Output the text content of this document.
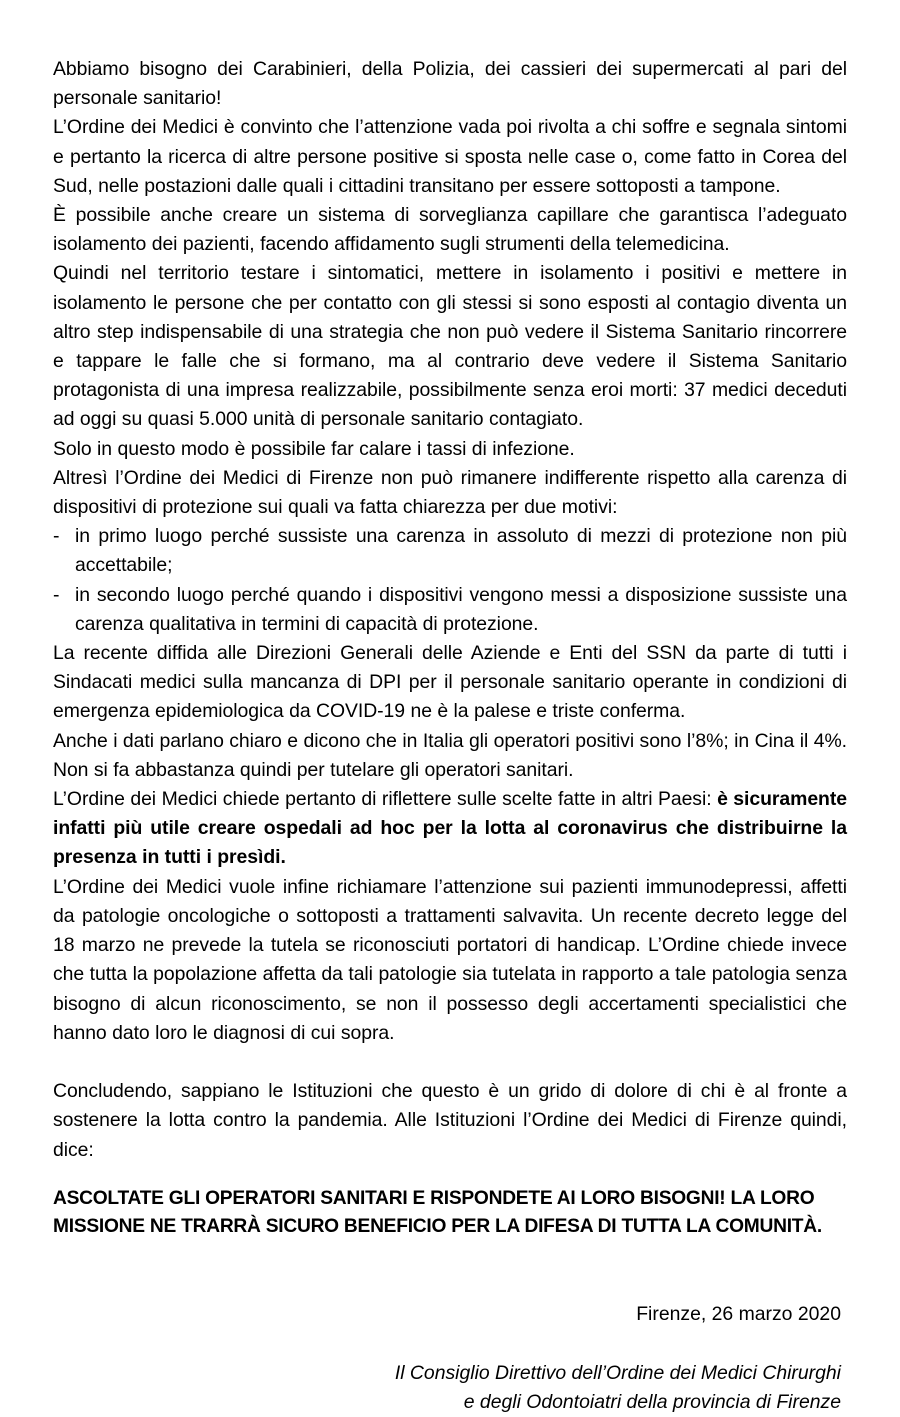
Abbiamo bisogno dei Carabinieri, della Polizia, dei cassieri dei supermercati al pari del personale sanitario!

L’Ordine dei Medici è convinto che l’attenzione vada poi rivolta a chi soffre e segnala sintomi e pertanto la ricerca di altre persone positive si sposta nelle case o, come fatto in Corea del Sud, nelle postazioni dalle quali i cittadini transitano per essere sottoposti a tampone.

È possibile anche creare un sistema di sorveglianza capillare che garantisca l’adeguato isolamento dei pazienti, facendo affidamento sugli strumenti della telemedicina.

Quindi nel territorio testare i sintomatici, mettere in isolamento i positivi e mettere in isolamento le persone che per contatto con gli stessi si sono esposti al contagio diventa un altro step indispensabile di una strategia che non può vedere il Sistema Sanitario rincorrere e tappare le falle che si formano, ma al contrario deve vedere il Sistema Sanitario protagonista di una impresa realizzabile, possibilmente senza eroi morti: 37 medici deceduti ad oggi su quasi 5.000 unità di personale sanitario contagiato.

Solo in questo modo è possibile far calare i tassi di infezione.

Altresì l’Ordine dei Medici di Firenze non può rimanere indifferente rispetto alla carenza di dispositivi di protezione sui quali va fatta chiarezza per due motivi:

- in primo luogo perché sussiste una carenza in assoluto di mezzi di protezione non più accettabile;
- in secondo luogo perché quando i dispositivi vengono messi a disposizione sussiste una carenza qualitativa in termini di capacità di protezione.

La recente diffida alle Direzioni Generali delle Aziende e Enti del SSN da parte di tutti i Sindacati medici sulla mancanza di DPI per il personale sanitario operante in condizioni di emergenza epidemiologica da COVID-19 ne è la palese e triste conferma.

Anche i dati parlano chiaro e dicono che in Italia gli operatori positivi sono l’8%; in Cina il 4%. Non si fa abbastanza quindi per tutelare gli operatori sanitari.

L’Ordine dei Medici chiede pertanto di riflettere sulle scelte fatte in altri Paesi: è sicuramente infatti più utile creare ospedali ad hoc per la lotta al coronavirus che distribuirne la presenza in tutti i presìdi.

L’Ordine dei Medici vuole infine richiamare l’attenzione sui pazienti immunodepressi, affetti da patologie oncologiche o sottoposti a trattamenti salvavita. Un recente decreto legge del 18 marzo ne prevede la tutela se riconosciuti portatori di handicap. L’Ordine chiede invece che tutta la popolazione affetta da tali patologie sia tutelata in rapporto a tale patologia senza bisogno di alcun riconoscimento, se non il possesso degli accertamenti specialistici che hanno dato loro le diagnosi di cui sopra.

Concludendo, sappiano le Istituzioni che questo è un grido di dolore di chi è al fronte a sostenere la lotta contro la pandemia. Alle Istituzioni l’Ordine dei Medici di Firenze quindi, dice:

ASCOLTATE GLI OPERATORI SANITARI E RISPONDETE AI LORO BISOGNI! LA LORO MISSIONE NE TRARRÀ SICURO BENEFICIO PER LA DIFESA DI TUTTA LA COMUNITÀ.
Firenze, 26 marzo 2020
Il Consiglio Direttivo dell’Ordine dei Medici Chirurghi
e degli Odontoiatri della provincia di Firenze
